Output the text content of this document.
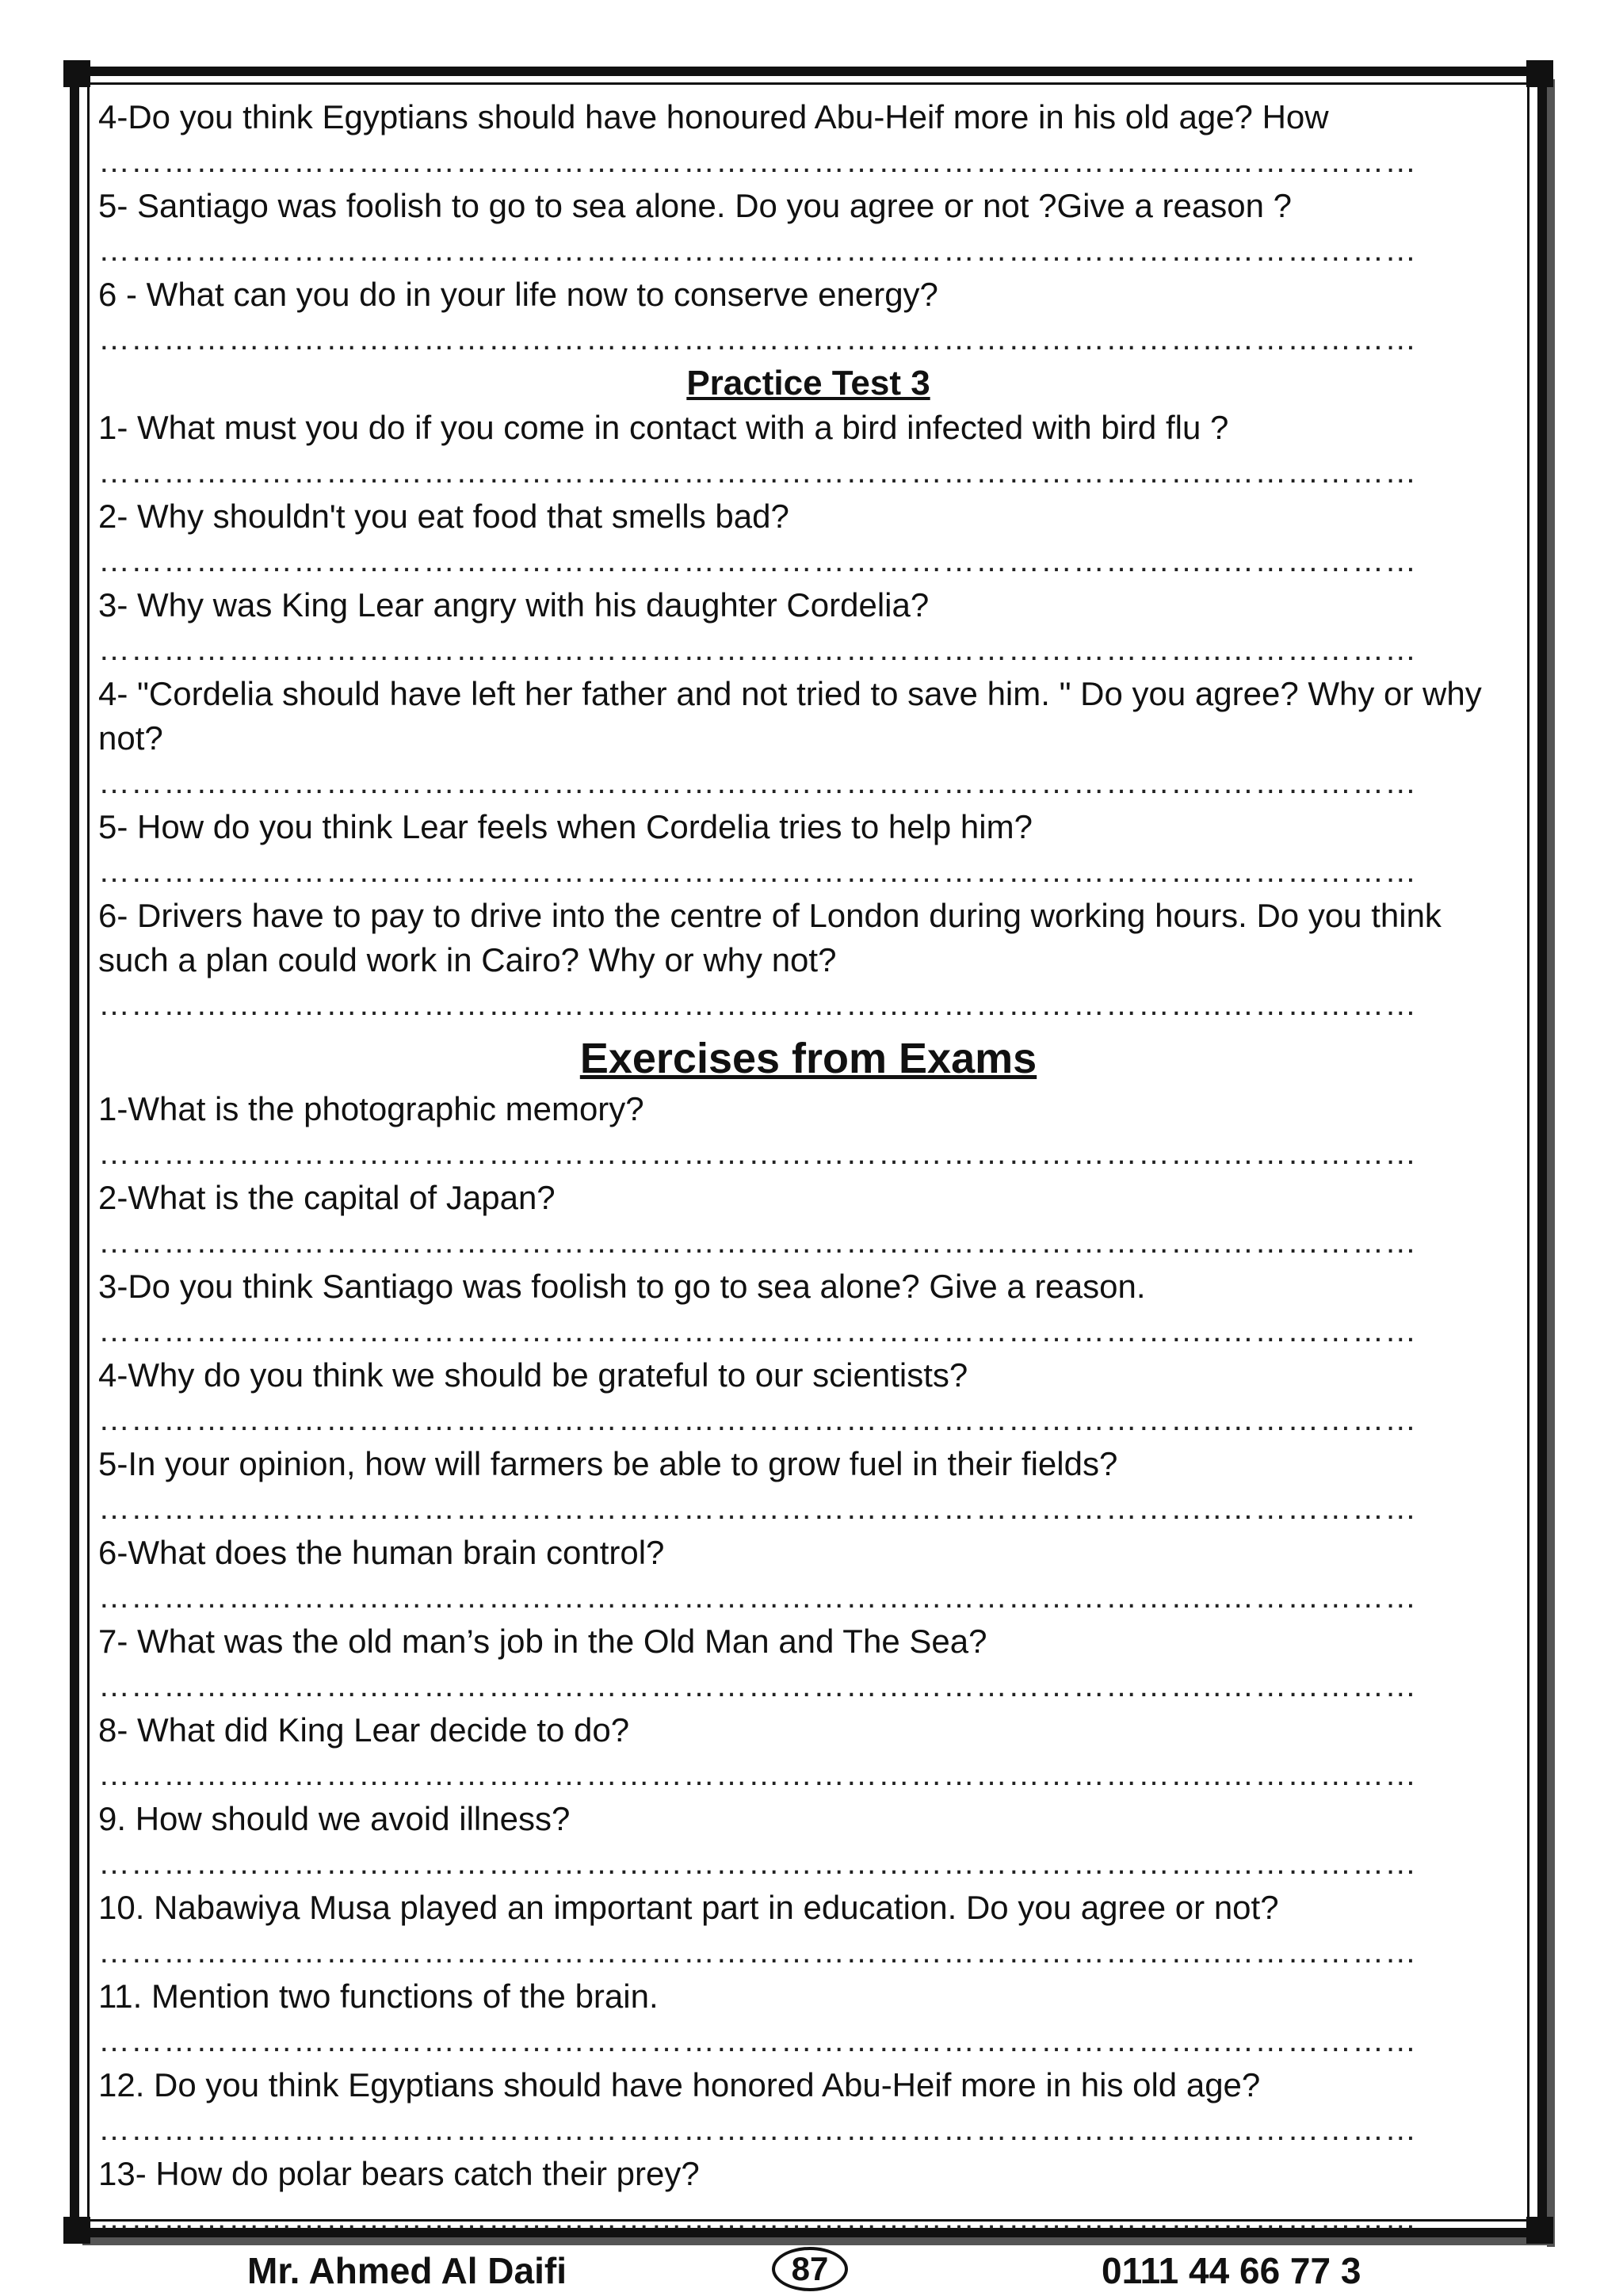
4-Do you think Egyptians should have honoured Abu-Heif more in his old age? How

…………………………………………………………………………………………..………………

5- Santiago was foolish to go to sea alone. Do you agree or not ?Give a reason ?

…………………………………………………………………………………………..………………

6 - What can you do in your life now to conserve energy?

…………………………………………………………………………………………..………………

Practice Test 3

1- What must you do if you come in contact with a bird infected with bird flu ?

…………………………………………………………………………………………..………………

2- Why shouldn't you eat food that smells bad?

…………………………………………………………………………………………..………………

3- Why was King Lear angry with his daughter Cordelia?

…………………………………………………………………………………………..………………

4- "Cordelia should have left her father and not tried to save him. " Do you agree? Why or why not?

…………………………………………………………………………………………..………………

5- How do you think Lear feels when Cordelia tries to help him?

…………………………………………………………………………………………..………………

6- Drivers have to pay to drive into the centre of London during working hours. Do you think such a plan could work in Cairo? Why or why not?

…………………………………………………………………………………………..………………

Exercises from Exams

1-What is the photographic memory?

…………………………………………………………………………………………..………………

2-What is the capital of Japan?

…………………………………………………………………………………………..………………

3-Do you think Santiago was foolish to go to sea alone? Give a reason.

…………………………………………………………………………………………..………………

4-Why do you think we should be grateful to our scientists?

…………………………………………………………………………………………..………………

5-In your opinion, how will farmers be able to grow fuel in their fields?

…………………………………………………………………………………………..………………

6-What does the human brain control?

…………………………………………………………………………………………..………………

7- What was the old man’s job in the Old Man and The Sea?

…………………………………………………………………………………………..………………

8- What did King Lear decide to do?

…………………………………………………………………………………………..………………

9. How should we avoid illness?

…………………………………………………………………………………………..………………

10. Nabawiya Musa played an important part in education. Do you agree or not?

…………………………………………………………………………………………..………………

11. Mention two functions of the brain.

…………………………………………………………………………………………..………………

12. Do you think Egyptians should have honored Abu-Heif more in his old age?

…………………………………………………………………………………………..………………

13- How do polar bears catch their prey?

…………………………………………………………………………………………..………………
Mr. Ahmed Al Daifi	0111 44 66 77 3
87
